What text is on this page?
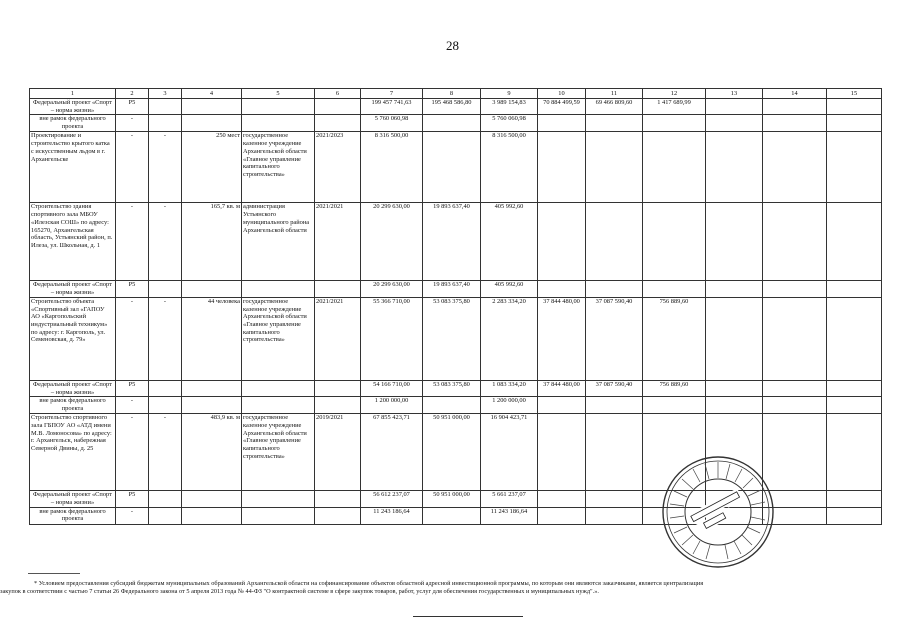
28
1	2	3	4	5	6	7	8	9	10	11	12	13	14	15
Федеральный проект «Спорт – норма жизни»	Р5					199 457 741,63	195 468 586,80	3 989 154,83	70 884 499,59	69 466 809,60	1 417 689,99			
вне рамок федерального проекта	-					5 760 060,98		5 760 060,98						
Проектирование и строительство крытого катка с искусственным льдом в г. Архангельске	-	-	250 мест	государственное казенное учреждение Архангельской области «Главное управление капитального строительства»	2021/2023	8 316 500,00		8 316 500,00						
Строительство здания спортивного зала МБОУ «Илезская СОШ» по адресу: 165270, Архангельская область, Устьянский район, п. Илеза, ул. Школьная, д. 1	-	-	165,7 кв. м	администрация Устьянского муниципального района Архангельской области	2021/2021	20 299 630,00	19 893 637,40	405 992,60						
Федеральный проект «Спорт – норма жизни»	Р5					20 299 630,00	19 893 637,40	405 992,60						
Строительство объекта «Спортивный зал «ГАПОУ АО «Каргопольский индустриальный техникум» по адресу: г. Каргополь, ул. Семеновская, д. 79»	-	-	44 человека	государственное казенное учреждение Архангельской области «Главное управление капитального строительства»	2021/2021	55 366 710,00	53 083 375,80	2 283 334,20	37 844 480,00	37 087 590,40	756 889,60			
Федеральный проект «Спорт – норма жизни»	Р5					54 166 710,00	53 083 375,80	1 083 334,20	37 844 480,00	37 087 590,40	756 889,60			
вне рамок федерального проекта	-					1 200 000,00		1 200 000,00						
Строительство спортивного зала ГБПОУ АО «АТД имени М.В. Ломоносова» по адресу: г. Архангельск, набережная Северной Двины, д. 25	-	-	483,9 кв. м	государственное казенное учреждение Архангельской области «Главное управление капитального строительства»	2019/2021	67 855 423,71	50 951 000,00	16 904 423,71						
Федеральный проект «Спорт – норма жизни»	Р5					56 612 237,07	50 951 000,00	5 661 237,07						
вне рамок федерального проекта	-					11 243 186,64		11 243 186,64						
* Условием предоставления субсидий бюджетам муниципальных образований Архангельской области на софинансирование объектов областной адресной инвестиционной программы, по которым они являются заказчиками, является централизация
закупок в соответствии с частью 7 статьи 26 Федерального закона от 5 апреля 2013 года № 44-ФЗ "О контрактной системе в сфере закупок товаров, работ, услуг для обеспечения государственных и муниципальных нужд".».
